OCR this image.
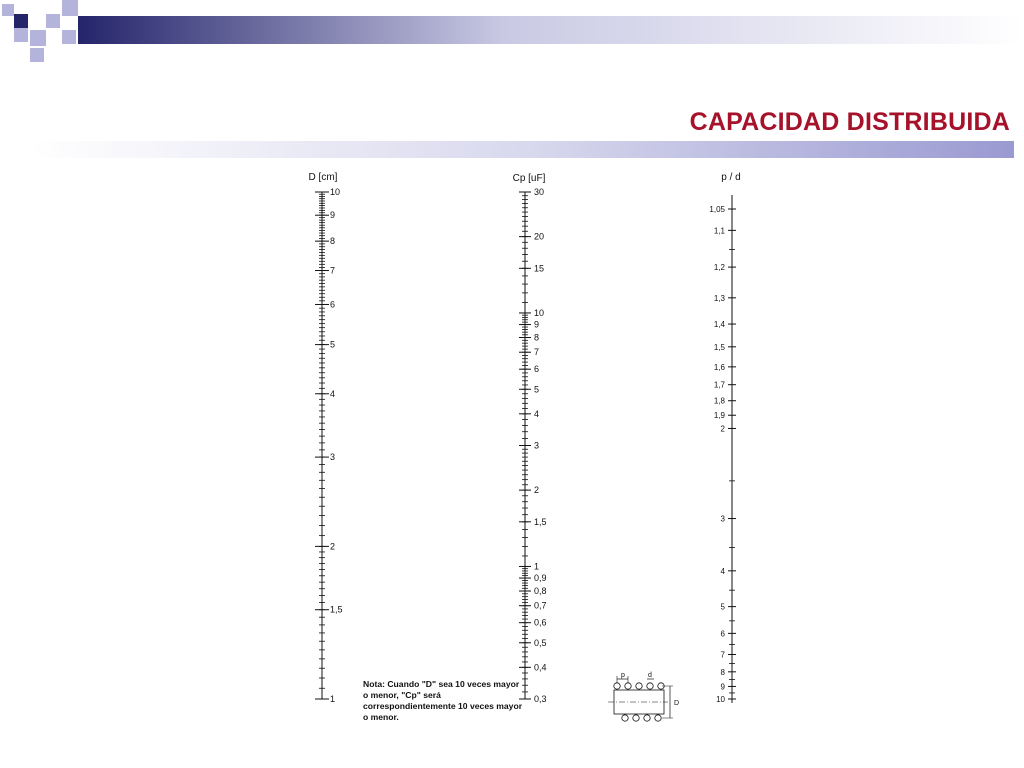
CAPACIDAD DISTRIBUIDA
D [cm]
10
9
8
7
6
5
4
3
2
1,5
1
Cp [uF]
30
20
15
10
9
8
7
6
5
4
3
2
1,5
1
0,9
0,8
0,7
0,6
0,5
0,4
0,3
p / d
1,05
1,1
1,2
1,3
1,4
1,5
1,6
1,7
1,8
1,9
2
3
4
5
6
7
8
9
10
p	d
D
Nota: Cuando "D" sea 10 veces mayor o menor, "Cp" será correspondientemente 10 veces mayor o menor.
